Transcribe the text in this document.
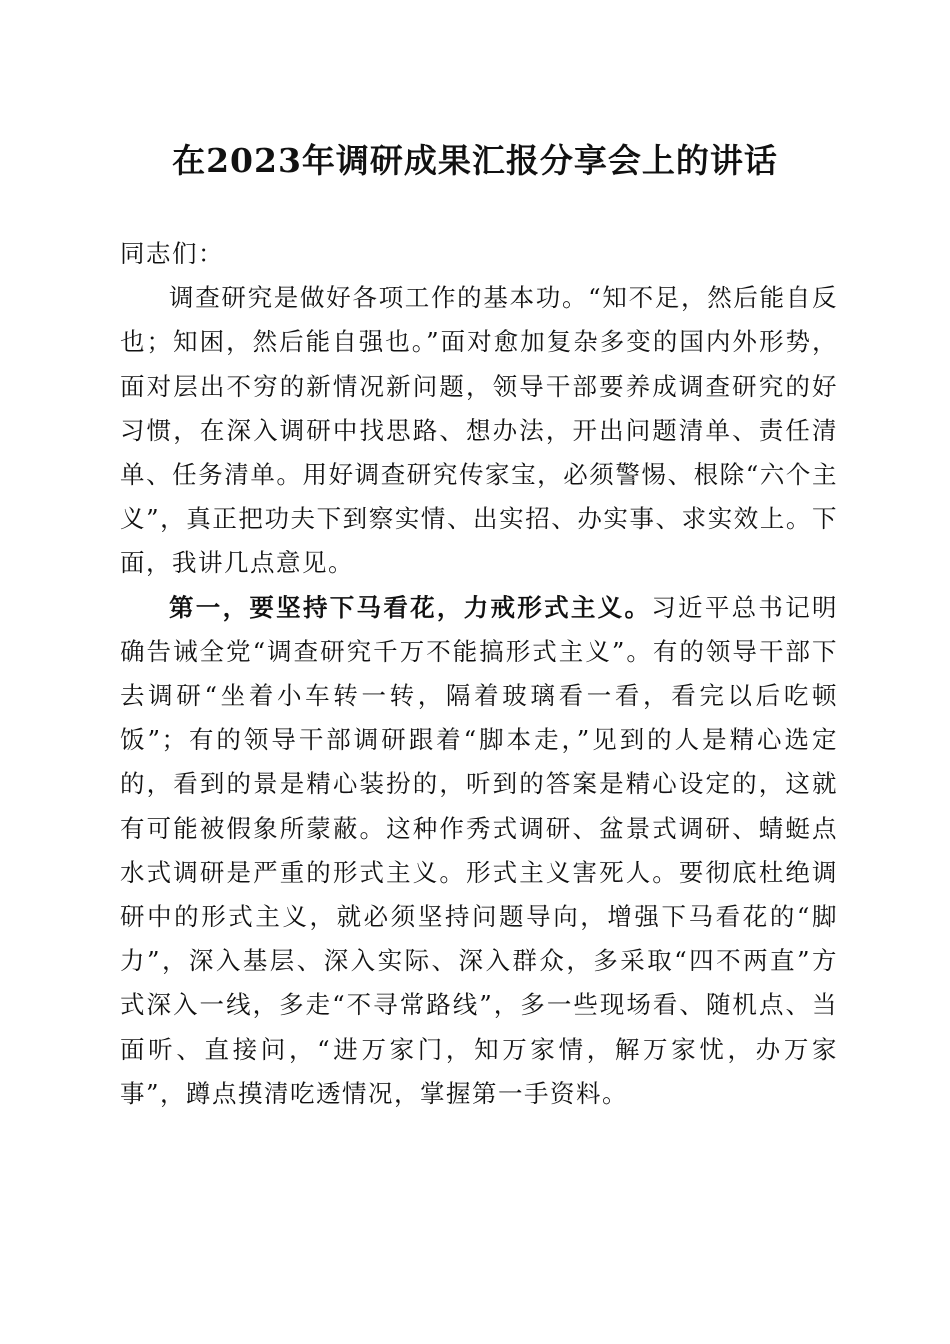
在2023年调研成果汇报分享会上的讲话

同志们：

调查研究是做好各项工作的基本功。“知不足，然后能自反也；知困，然后能自强也。”面对愈加复杂多变的国内外形势，面对层出不穷的新情况新问题，领导干部要养成调查研究的好习惯，在深入调研中找思路、想办法，开出问题清单、责任清单、任务清单。用好调查研究传家宝，必须警惕、根除“六个主义”，真正把功夫下到察实情、出实招、办实事、求实效上。下面，我讲几点意见。

第一，要坚持下马看花，力戒形式主义。习近平总书记明确告诫全党“调查研究千万不能搞形式主义”。有的领导干部下去调研“坐着小车转一转，隔着玻璃看一看，看完以后吃顿饭”；有的领导干部调研跟着“脚本走，”见到的人是精心选定的，看到的景是精心装扮的，听到的答案是精心设定的，这就有可能被假象所蒙蔽。这种作秀式调研、盆景式调研、蜻蜓点水式调研是严重的形式主义。形式主义害死人。要彻底杜绝调研中的形式主义，就必须坚持问题导向，增强下马看花的“脚力”，深入基层、深入实际、深入群众，多采取“四不两直”方式深入一线，多走“不寻常路线”，多一些现场看、随机点、当面听、直接问，“进万家门，知万家情，解万家忧，办万家事”，蹲点摸清吃透情况，掌握第一手资料。
